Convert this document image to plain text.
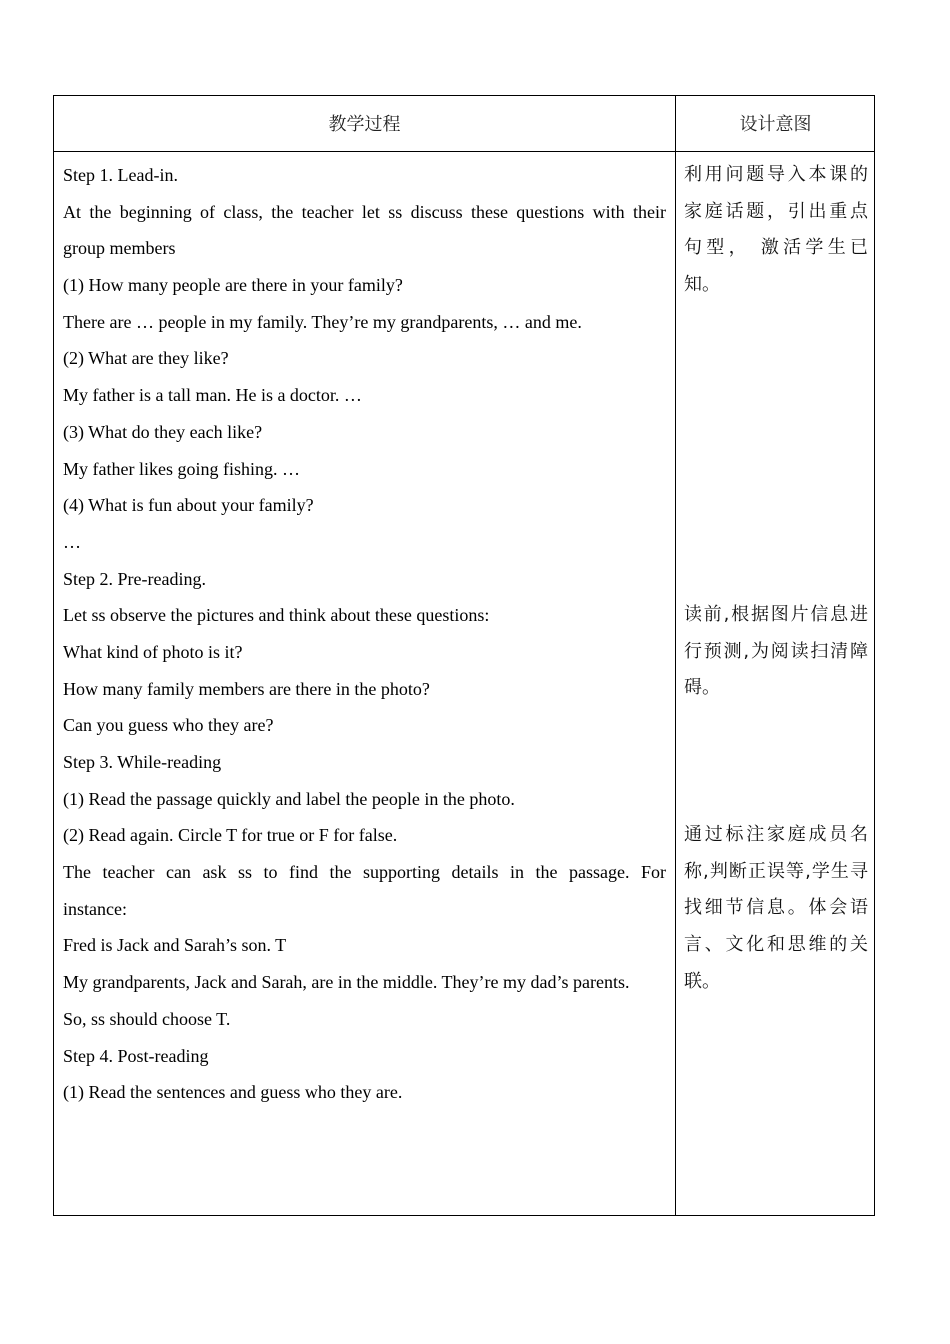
教学过程	设计意图
Step 1. Lead-in.
At the beginning of class, the teacher let ss discuss these questions with their
group members
(1) How many people are there in your family?
There are … people in my family. They’re my grandparents, … and me.
(2) What are they like?
My father is a tall man. He is a doctor. …
(3) What do they each like?
My father likes going fishing. …
(4) What is fun about your family?
…
Step 2. Pre-reading.
Let ss observe the pictures and think about these questions:
What kind of photo is it?
How many family members are there in the photo?
Can you guess who they are?
Step 3. While-reading
(1) Read the passage quickly and label the people in the photo.
(2) Read again. Circle T for true or F for false.
The teacher can ask ss to find the supporting details in the passage. For
instance:
Fred is Jack and Sarah’s son. T
My grandparents, Jack and Sarah, are in the middle. They’re my dad’s parents.
So, ss should choose T.
Step 4. Post-reading
(1) Read the sentences and guess who they are.
利用问题导入本课的
家庭话题，引出重点
句型， 激活学生已
知。
读前,根据图片信息进
行预测,为阅读扫清障
碍。
通过标注家庭成员名
称,判断正误等,学生寻
找细节信息。体会语
言、文化和思维的关
联。
